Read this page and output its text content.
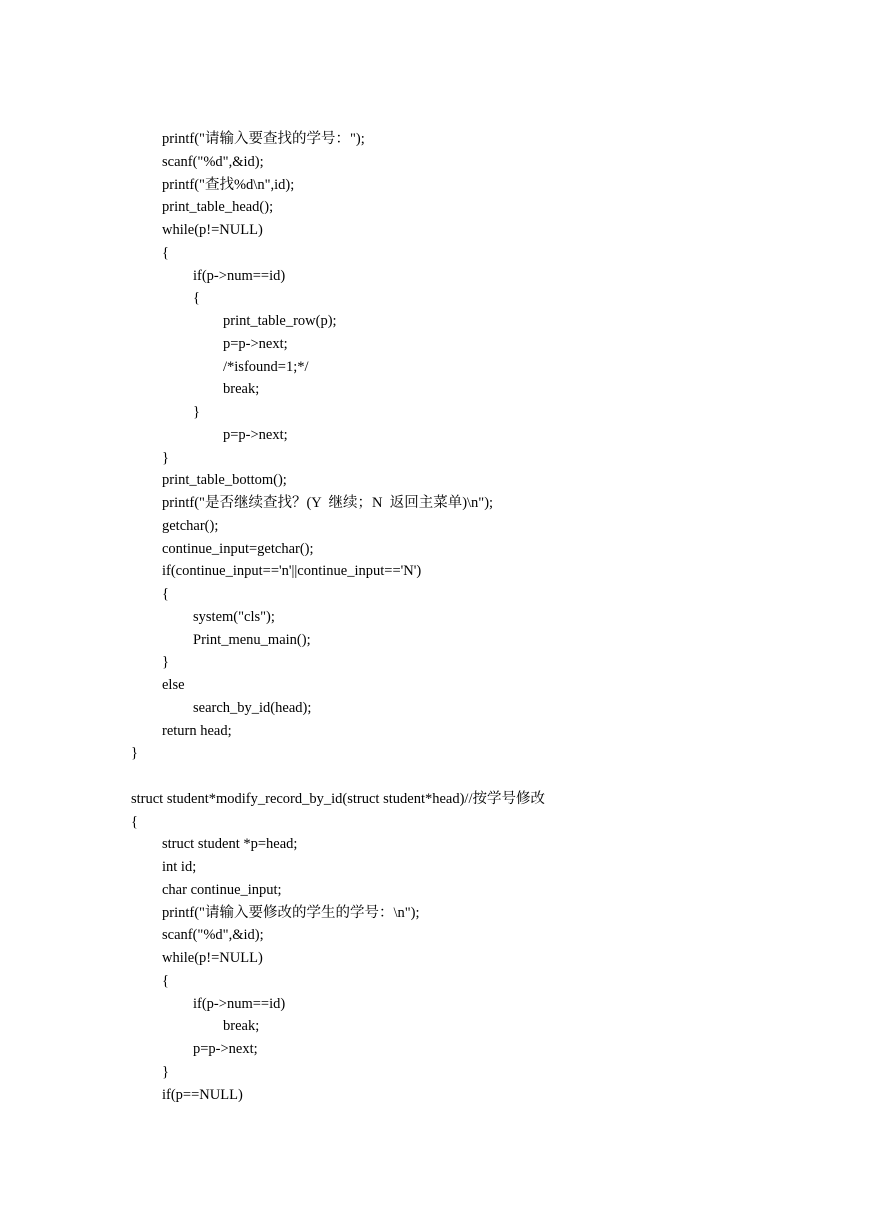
printf("请输入要查找的学号：");
scanf("%d",&id);
printf("查找%d\n",id);
print_table_head();
while(p!=NULL)
{
if(p->num==id)
{
print_table_row(p);
p=p->next;
/*isfound=1;*/
break;
}
p=p->next;
}
print_table_bottom();
printf("是否继续查找？(Y  继续；N  返回主菜单)\n");
getchar();
continue_input=getchar();
if(continue_input=='n'||continue_input=='N')
{
system("cls");
Print_menu_main();
}
else
search_by_id(head);
return head;
}
struct student*modify_record_by_id(struct student*head)//按学号修改
{
struct student *p=head;
int id;
char continue_input;
printf("请输入要修改的学生的学号：\n");
scanf("%d",&id);
while(p!=NULL)
{
if(p->num==id)
break;
p=p->next;
}
if(p==NULL)
